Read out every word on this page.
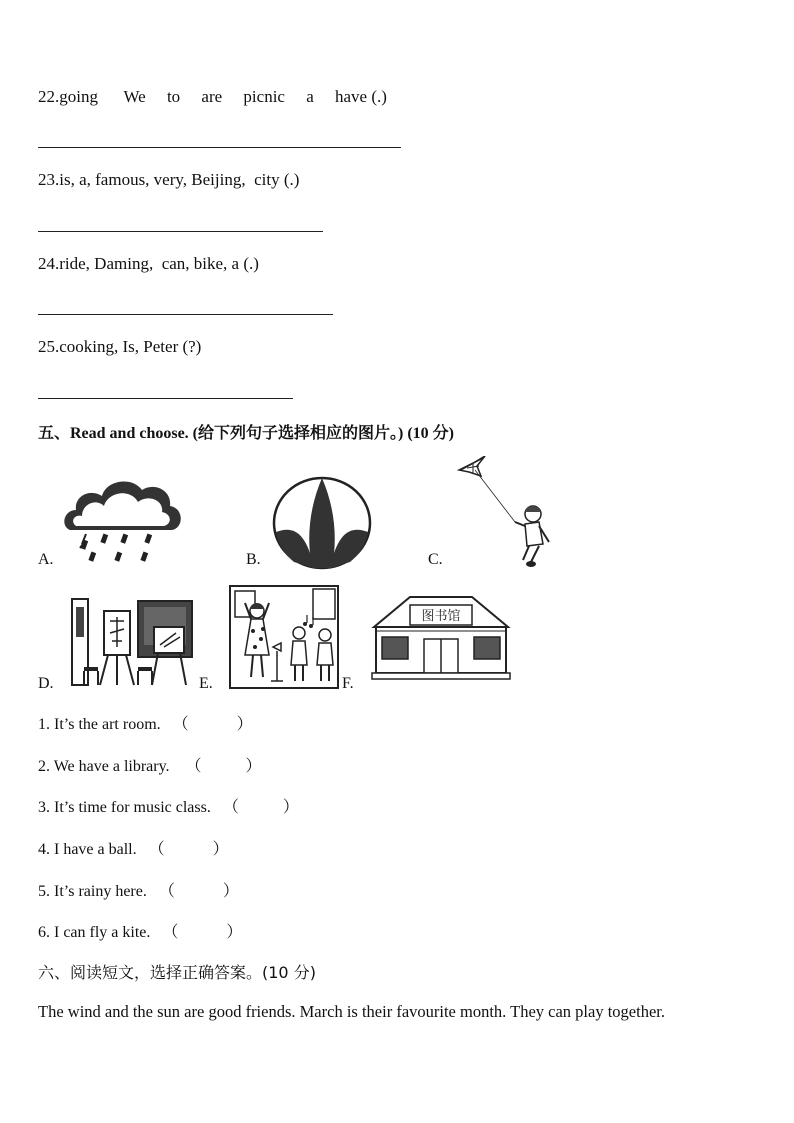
22.going      We     to     are     picnic     a     have (.)
23.is, a, famous, very, Beijing,  city (.)
24.ride, Daming,  can, bike, a (.)
25.cooking, Is, Peter (?)
五、Read and choose. (给下列句子选择相应的图片。) (10 分)
A.	B.	C.
D.	E.
图书馆
F.
1. It’s the art room.   （            ）
2. We have a library.    （           ）
3. It’s time for music class.   （           ）
4. I have a ball.   （            ）
5. It’s rainy here.   （            ）
6. I can fly a kite.   （            ）
六、阅读短文，选择正确答案。(10 分)
The wind and the sun are good friends. March is their favourite month. They can play together.
